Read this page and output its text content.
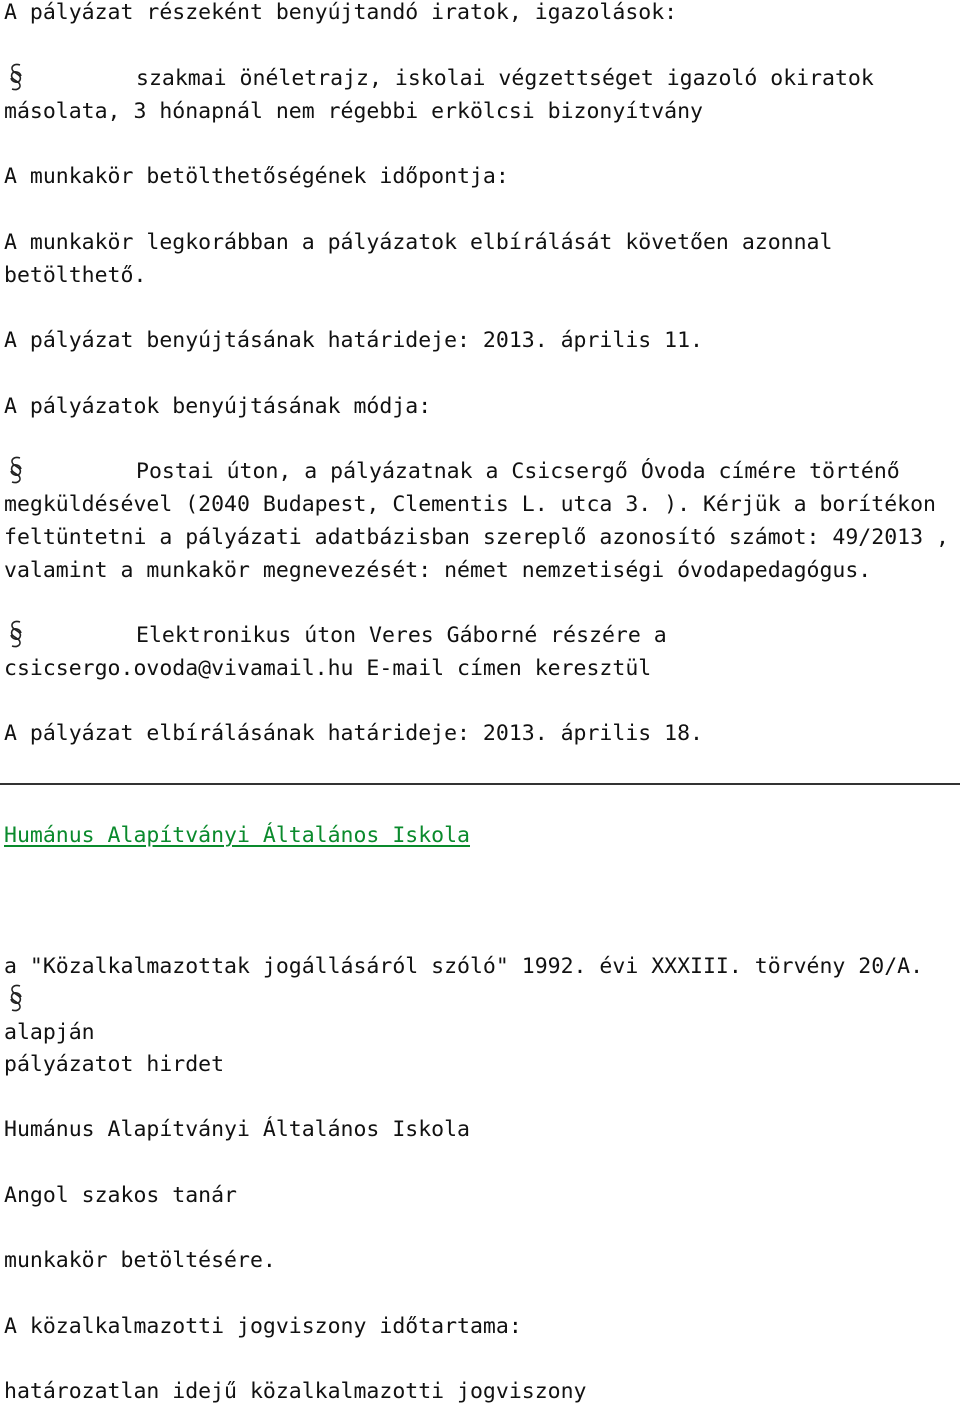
A pályázat részeként benyújtandó iratok, igazolások:

szakmai önéletrajz, iskolai végzettséget igazoló okiratok másolata, 3 hónapnál nem régebbi erkölcsi bizonyítvány

A munkakör betölthetőségének időpontja:

A munkakör legkorábban a pályázatok elbírálását követően azonnal betölthető.

A pályázat benyújtásának határideje: 2013. április 11.

A pályázatok benyújtásának módja:

Postai úton, a pályázatnak a Csicsergő Óvoda címére történő megküldésével (2040 Budapest, Clementis L. utca 3. ). Kérjük a borítékon feltüntetni a pályázati adatbázisban szereplő azonosító számot: 49/2013 , valamint a munkakör megnevezését: német nemzetiségi óvodapedagógus.

Elektronikus úton Veres Gáborné részére a csicsergo.ovoda@vivamail.hu E-mail címen keresztül

A pályázat elbírálásának határideje: 2013. április 18.

Humánus Alapítványi Általános Iskola

a "Közalkalmazottak jogállásáról szóló" 1992. évi XXXIII. törvény 20/A.
alapján

pályázatot hirdet

Humánus Alapítványi Általános Iskola

Angol szakos tanár

munkakör betöltésére.

A közalkalmazotti jogviszony időtartama:

határozatlan idejű közalkalmazotti jogviszony
